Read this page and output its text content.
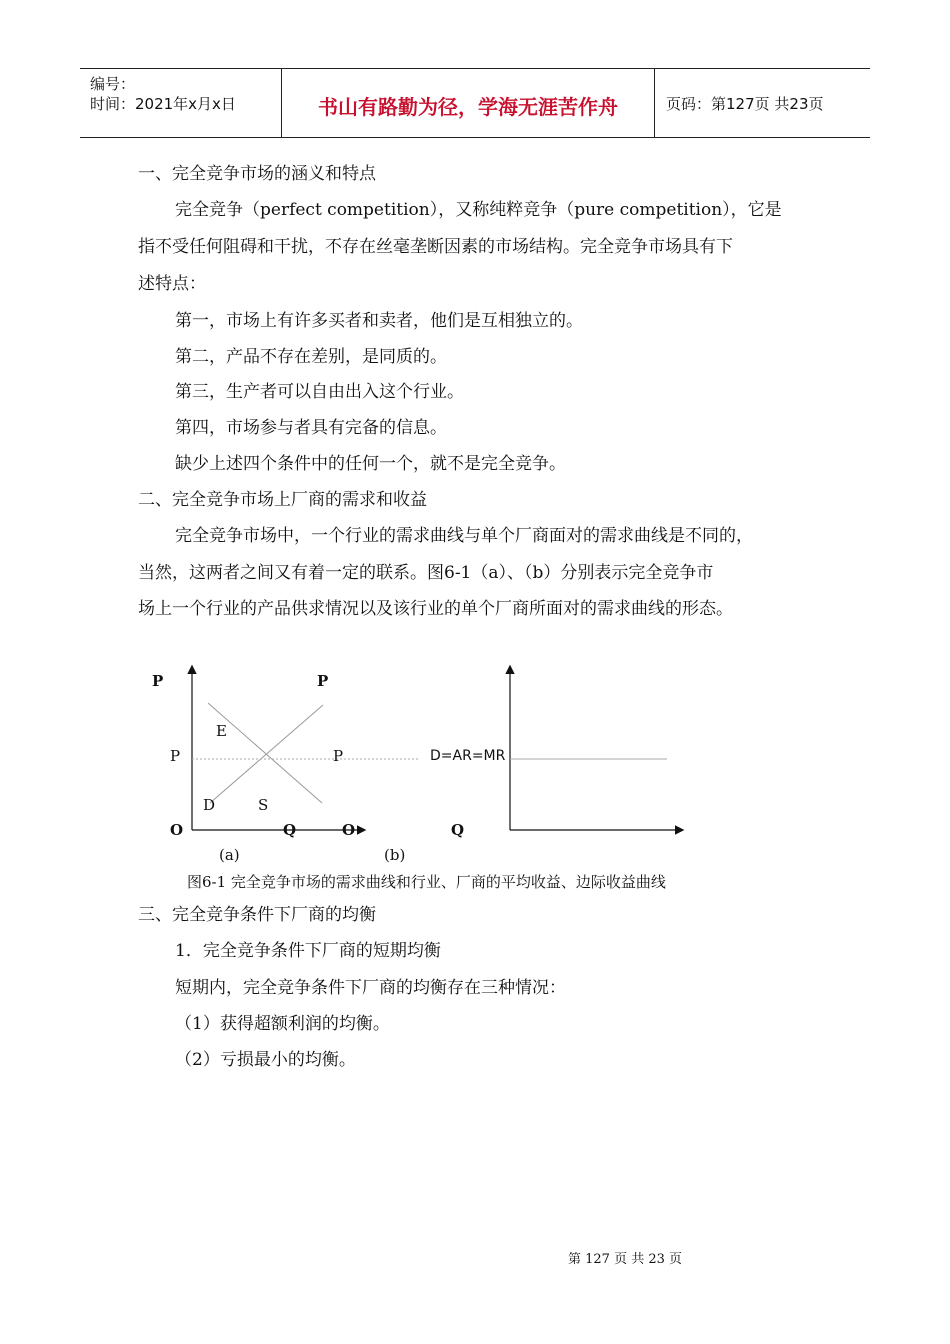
编号：
时间：2021年x月x日	书山有路勤为径，学海无涯苦作舟	页码：第127页 共23页
一、完全竞争市场的涵义和特点
完全竞争（perfect competition），又称纯粹竞争（pure competition），它是
指不受任何阻碍和干扰，不存在丝毫垄断因素的市场结构。完全竞争市场具有下
述特点：
第一，市场上有许多买者和卖者，他们是互相独立的。
第二，产品不存在差别，是同质的。
第三，生产者可以自由出入这个行业。
第四，市场参与者具有完备的信息。
缺少上述四个条件中的任何一个，就不是完全竞争。
二、完全竞争市场上厂商的需求和收益
完全竞争市场中，一个行业的需求曲线与单个厂商面对的需求曲线是不同的，
当然，这两者之间又有着一定的联系。图6-1（a）、（b）分别表示完全竞争市
场上一个行业的产品供求情况以及该行业的单个厂商所面对的需求曲线的形态。
P	P
E
P	P	D=AR=MR
D	S
O	Q	O	Q
(a)	(b)
图6-1 完全竞争市场的需求曲线和行业、厂商的平均收益、边际收益曲线
三、完全竞争条件下厂商的均衡
1．完全竞争条件下厂商的短期均衡
短期内，完全竞争条件下厂商的均衡存在三种情况：
（1）获得超额利润的均衡。
（2）亏损最小的均衡。
第 127 页 共 23 页
